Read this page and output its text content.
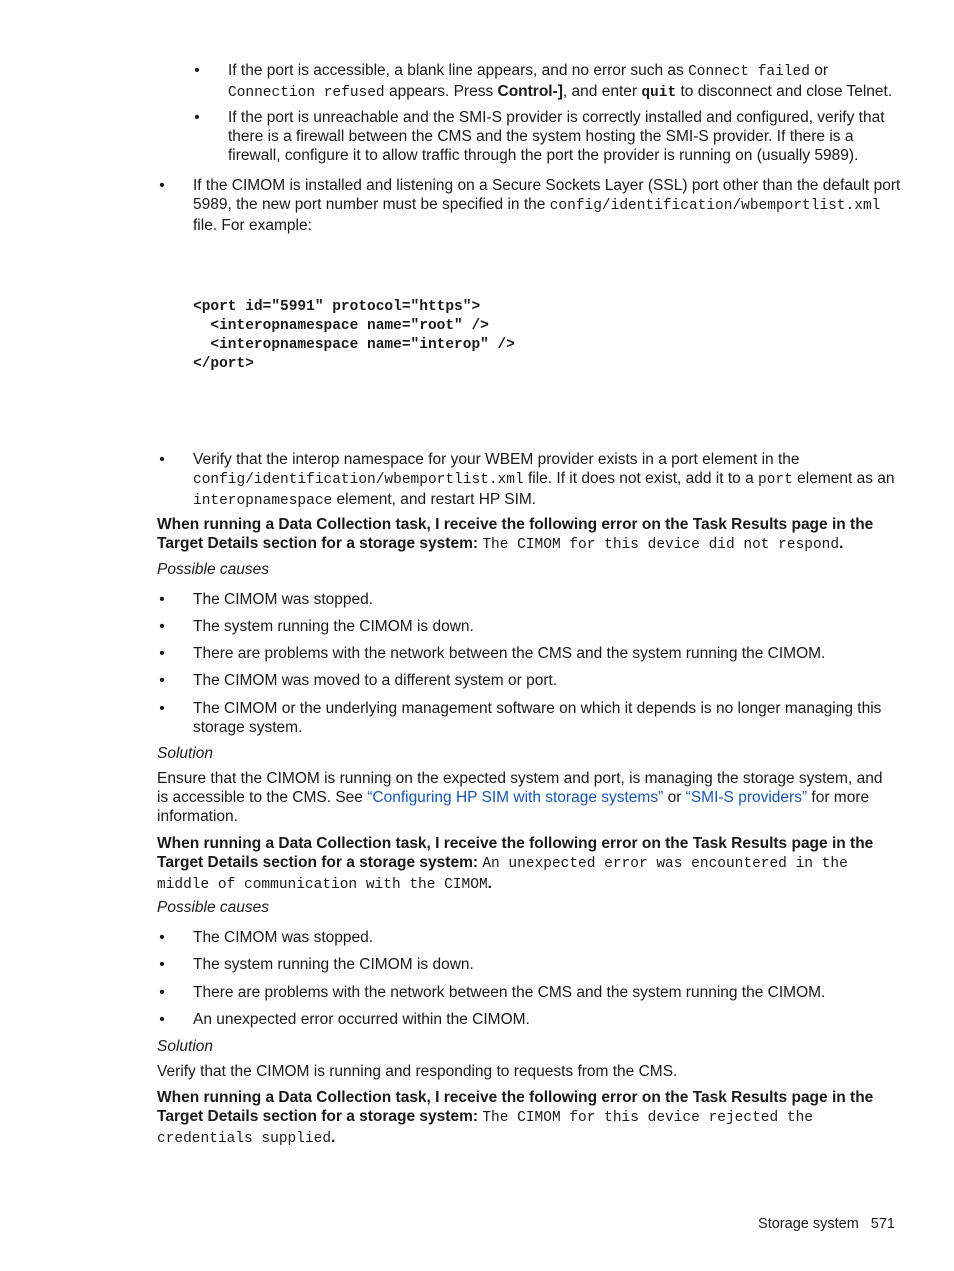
• If the port is accessible, a blank line appears, and no error such as Connect failed or Connection refused appears. Press Control-], and enter quit to disconnect and close Telnet.

• If the port is unreachable and the SMI-S provider is correctly installed and configured, verify that there is a firewall between the CMS and the system hosting the SMI-S provider. If there is a firewall, configure it to allow traffic through the port the provider is running on (usually 5989).

• If the CIMOM is installed and listening on a Secure Sockets Layer (SSL) port other than the default port 5989, the new port number must be specified in the config/identification/wbemportlist.xml file. For example:

<port id="5991" protocol="https">
<interopnamespace name="root" />
<interopnamespace name="interop" />
</port>
• Verify that the interop namespace for your WBEM provider exists in a port element in the config/identification/wbemportlist.xml file. If it does not exist, add it to a port element as an interopnamespace element, and restart HP SIM.

When running a Data Collection task, I receive the following error on the Task Results page in the Target Details section for a storage system: The CIMOM for this device did not respond.

Possible causes

• The CIMOM was stopped.

• The system running the CIMOM is down.

• There are problems with the network between the CMS and the system running the CIMOM.

• The CIMOM was moved to a different system or port.

• The CIMOM or the underlying management software on which it depends is no longer managing this storage system.

Solution

Ensure that the CIMOM is running on the expected system and port, is managing the storage system, and is accessible to the CMS. See “Configuring HP SIM with storage systems” or “SMI-S providers” for more information.

When running a Data Collection task, I receive the following error on the Task Results page in the Target Details section for a storage system: An unexpected error was encountered in the middle of communication with the CIMOM.

Possible causes

• The CIMOM was stopped.

• The system running the CIMOM is down.

• There are problems with the network between the CMS and the system running the CIMOM.

• An unexpected error occurred within the CIMOM.

Solution

Verify that the CIMOM is running and responding to requests from the CMS.

When running a Data Collection task, I receive the following error on the Task Results page in the Target Details section for a storage system: The CIMOM for this device rejected the credentials supplied.

Storage system 571
